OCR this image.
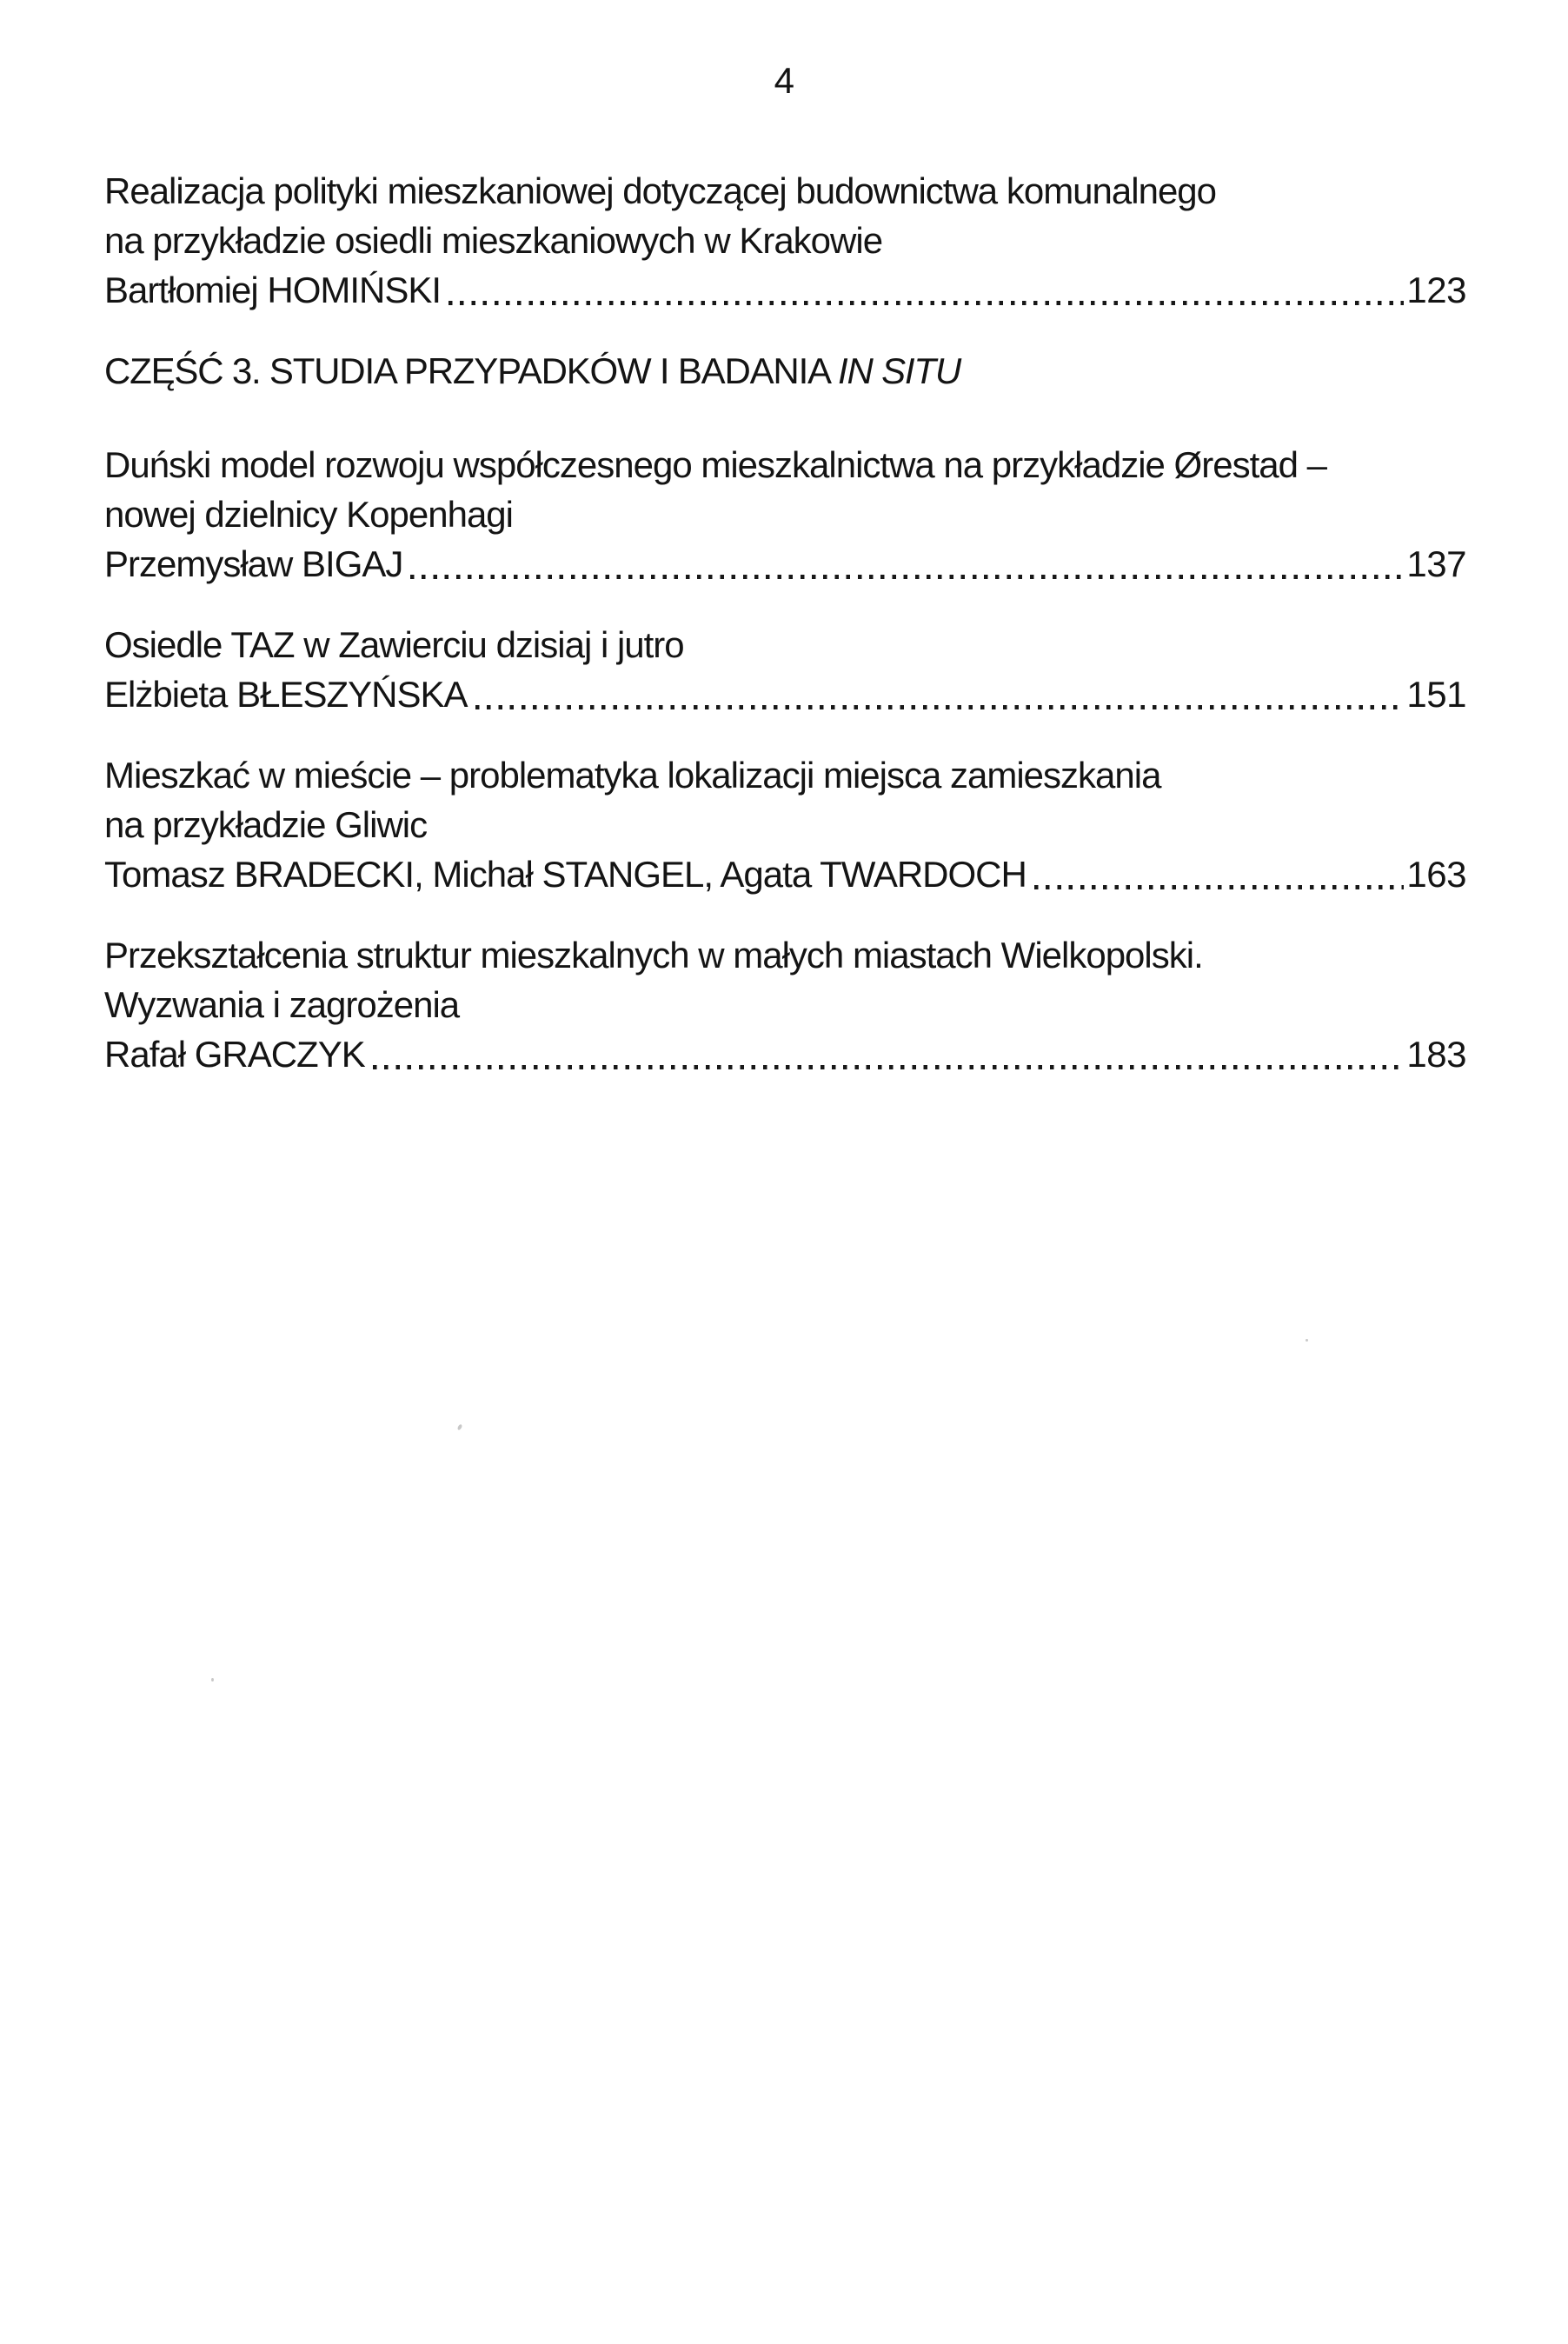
4
Realizacja polityki mieszkaniowej dotyczącej budownictwa komunalnego
na przykładzie osiedli mieszkaniowych w Krakowie
Bartłomiej HOMIŃSKI	123
CZĘŚĆ 3. STUDIA PRZYPADKÓW I BADANIA IN SITU
Duński model rozwoju współczesnego mieszkalnictwa na przykładzie Ørestad –
nowej dzielnicy Kopenhagi
Przemysław BIGAJ	137
Osiedle TAZ w Zawierciu dzisiaj i jutro
Elżbieta BŁESZYŃSKA	151
Mieszkać w mieście – problematyka lokalizacji miejsca zamieszkania
na przykładzie Gliwic
Tomasz BRADECKI, Michał STANGEL, Agata TWARDOCH	163
Przekształcenia struktur mieszkalnych w małych miastach Wielkopolski.
Wyzwania i zagrożenia
Rafał GRACZYK	183
